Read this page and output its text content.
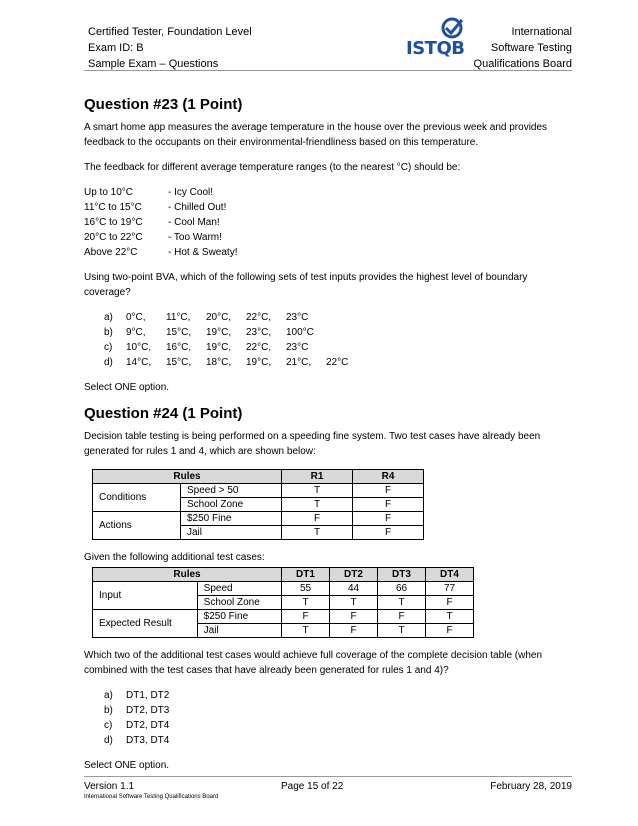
Certified Tester, Foundation Level
Exam ID: B
Sample Exam – Questions
ISTQB
International
Software Testing
Qualifications Board
Question #23 (1 Point)

A smart home app measures the average temperature in the house over the previous week and provides feedback to the occupants on their environmental-friendliness based on this temperature.

The feedback for different average temperature ranges (to the nearest °C) should be:

Up to 10°C	- Icy Cool!
11°C to 15°C	- Chilled Out!
16°C to 19°C	- Cool Man!
20°C to 22°C	- Too Warm!
Above 22°C	- Hot & Sweaty!

Using two-point BVA, which of the following sets of test inputs provides the highest level of boundary coverage?

a)	0°C,	11°C,	20°C,	22°C,	23°C
b)	9°C,	15°C,	19°C,	23°C,	100°C
c)	10°C,	16°C,	19°C,	22°C,	23°C
d)	14°C,	15°C,	18°C,	19°C,	21°C,	22°C

Select ONE option.

Question #24 (1 Point)

Decision table testing is being performed on a speeding fine system. Two test cases have already been generated for rules 1 and 4, which are shown below:

Rules		R1	R4
Conditions	Speed > 50	T	F
	School Zone	T	F
Actions	$250 Fine	F	F
	Jail	T	F

Given the following additional test cases:

Rules		DT1	DT2	DT3	DT4
Input	Speed	55	44	66	77
	School Zone	T	T	T	F
Expected Result	$250 Fine	F	F	F	T
	Jail	T	F	T	F

Which two of the additional test cases would achieve full coverage of the complete decision table (when combined with the test cases that have already been generated for rules 1 and 4)?

a)	DT1, DT2
b)	DT2, DT3
c)	DT2, DT4
d)	DT3, DT4

Select ONE option.

Version 1.1	Page 15 of 22	February 28, 2019
International Software Testing Qualifications Board
